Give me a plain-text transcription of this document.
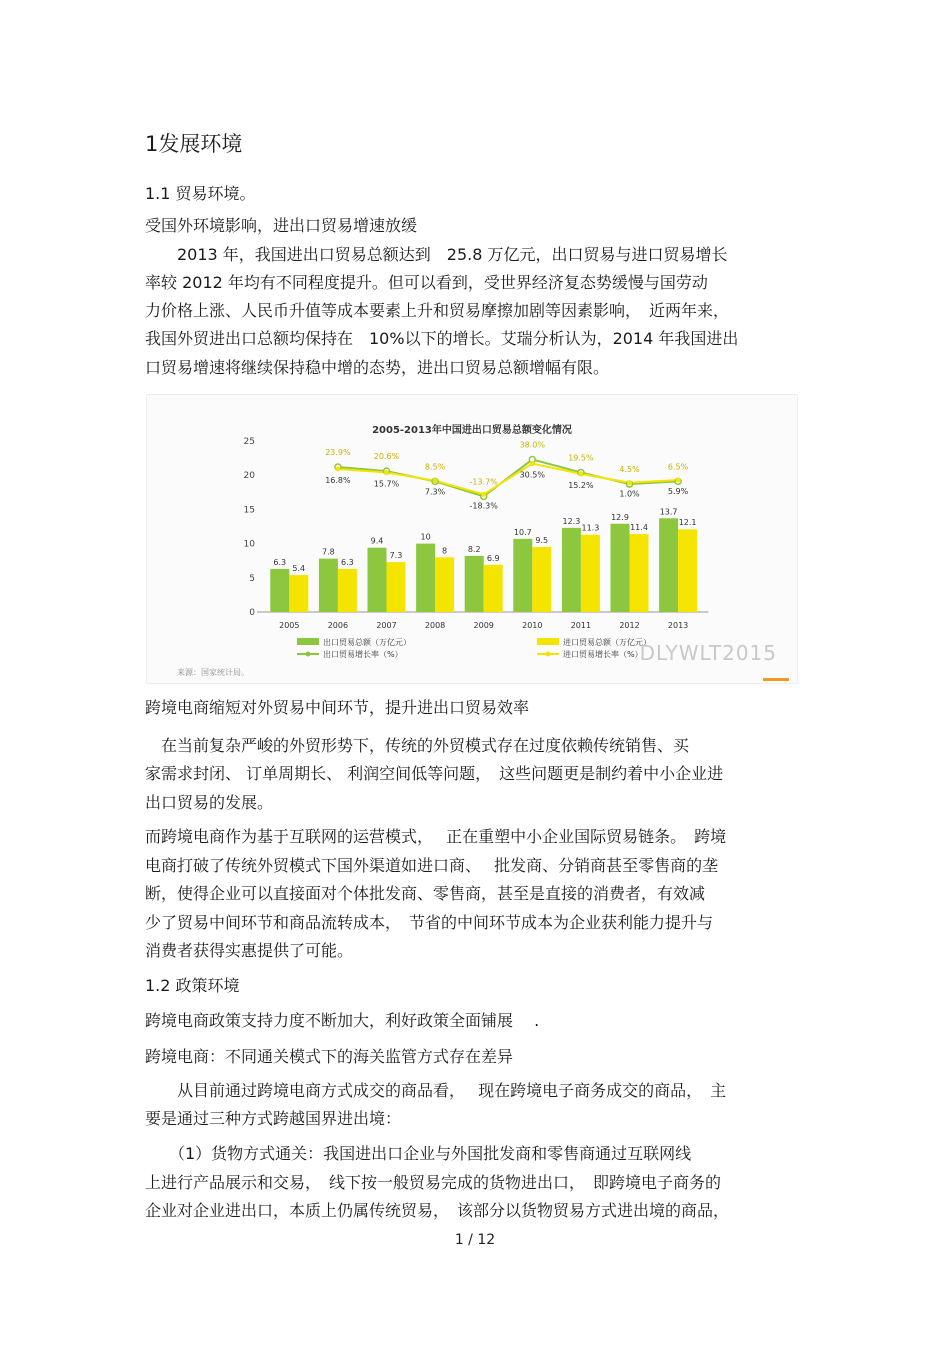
1发展环境

1.1 贸易环境。

受国外环境影响，进出口贸易增速放缓

　　2013 年，我国进出口贸易总额达到　25.8 万亿元，出口贸易与进口贸易增长

率较 2012 年均有不同程度提升。但可以看到，受世界经济复态势缓慢与国劳动

力价格上涨、人民币升值等成本要素上升和贸易摩擦加剧等因素影响，　近两年来，

我国外贸进出口总额均保持在　10%以下的增长。艾瑞分析认为，2014 年我国进出

口贸易增速将继续保持稳中增的态势，进出口贸易总额增幅有限。

2005-2013年中国进出口贸易总额变化情况
0
5
10
15
20
25
6.3
5.4
2005
7.8
6.3
2006
9.4
7.3
2007
10
8
2008
8.2
6.9
2009
10.7
9.5
2010
12.3
11.3
2011
12.9
11.4
2012
13.7
12.1
2013
23.9%	20.6%
8.5%
-13.7%
38.0%
19.5%
4.5%	6.5%
16.8%	15.7%
7.3%
-18.3%
30.5%
15.2%
1.0%	5.9%
出口贸易总额（万亿元）	进口贸易总额（万亿元）
出口贸易增长率（%）	进口贸易增长率（%）
DLYWLT2015
来源：国家统计局。

跨境电商缩短对外贸易中间环节，提升进出口贸易效率

　在当前复杂严峻的外贸形势下，传统的外贸模式存在过度依赖传统销售、买

家需求封闭、 订单周期长、 利润空间低等问题，　这些问题更是制约着中小企业进

出口贸易的发展。

而跨境电商作为基于互联网的运营模式，　 正在重塑中小企业国际贸易链条。　跨境

电商打破了传统外贸模式下国外渠道如进口商、　 批发商、分销商甚至零售商的垄

断，使得企业可以直接面对个体批发商、零售商，甚至是直接的消费者，有效减

少了贸易中间环节和商品流转成本，　节省的中间环节成本为企业获利能力提升与

消费者获得实惠提供了可能。

1.2 政策环境

跨境电商政策支持力度不断加大，利好政策全面铺展　 .

跨境电商：不同通关模式下的海关监管方式存在差异

　　从目前通过跨境电商方式成交的商品看，　 现在跨境电子商务成交的商品，　主

要是通过三种方式跨越国界进出境：

　　（1）货物方式通关：我国进出口企业与外国批发商和零售商通过互联网线

上进行产品展示和交易，　线下按一般贸易完成的货物进出口，　即跨境电子商务的

企业对企业进出口，本质上仍属传统贸易，　该部分以货物贸易方式进出境的商品，

1 / 12
